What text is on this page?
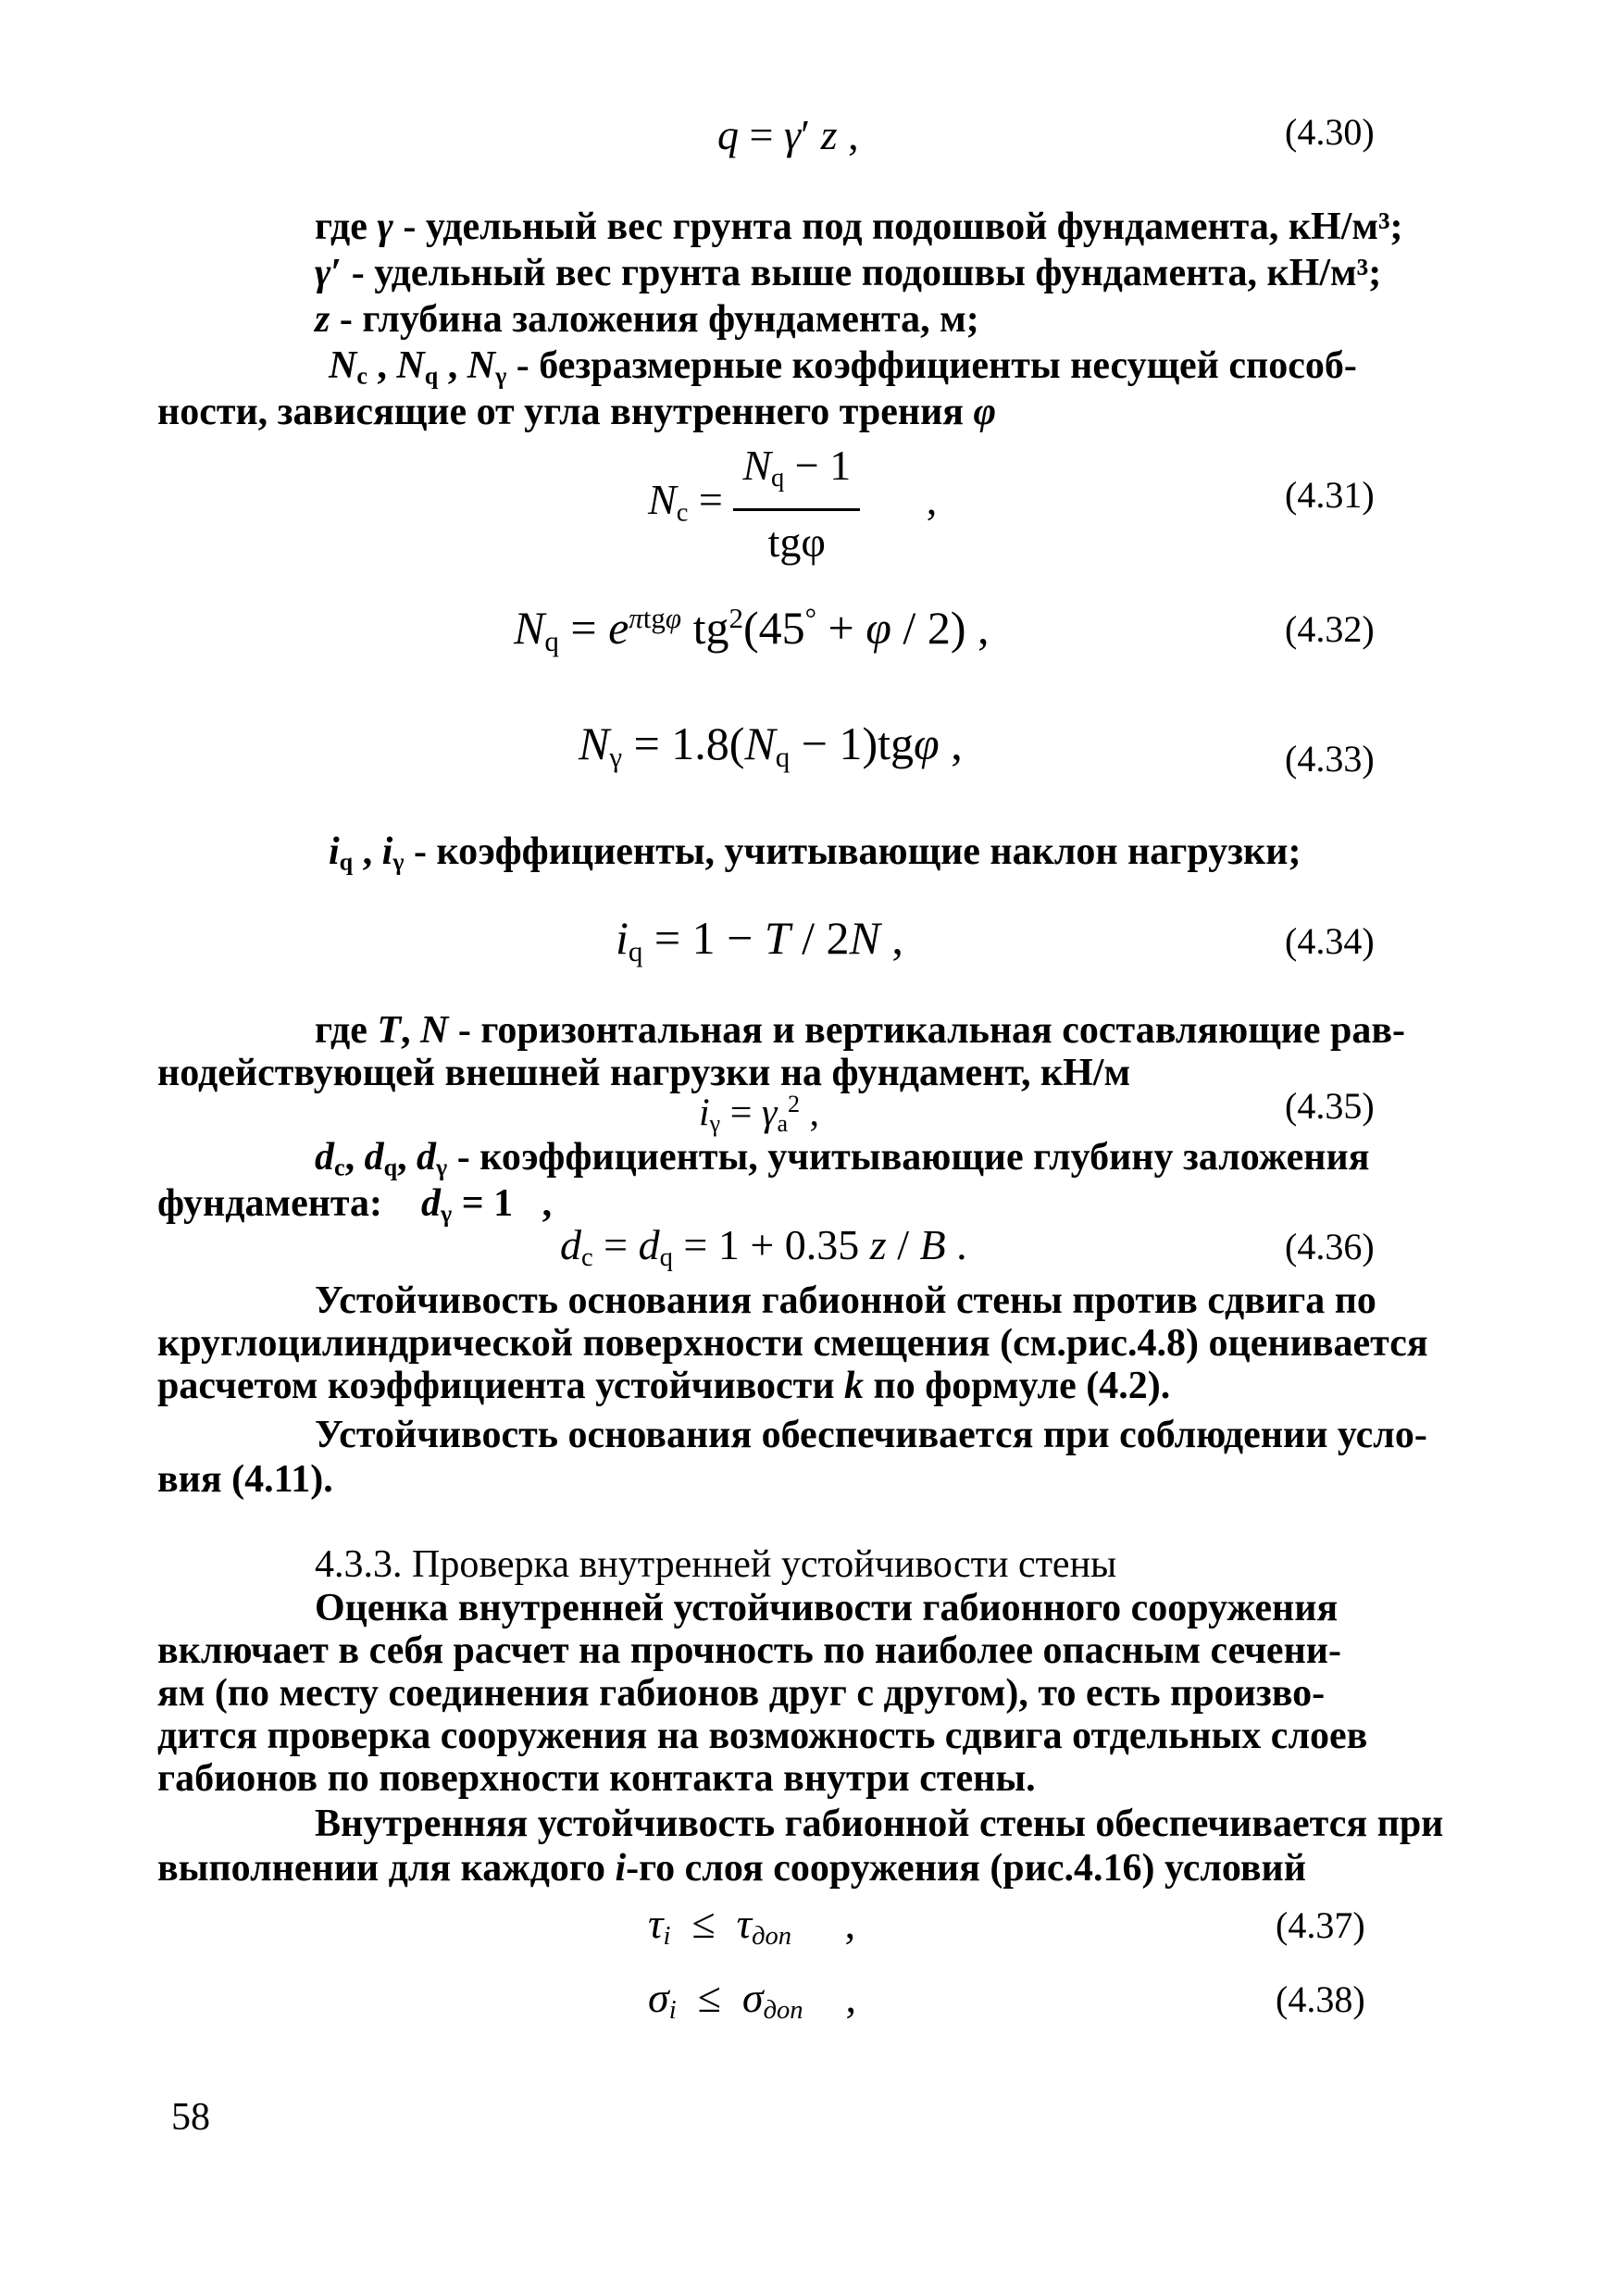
q = γ′ z ,	(4.30)
где γ - удельный вес грунта под подошвой фундамента, кН/м³;
γ′ - удельный вес грунта выше подошвы фундамента, кН/м³;
z - глубина заложения фундамента, м;
$N_c$ , $N_q$ , $N_\gamma$ - безразмерные коэффициенты несущей способ-
ности, зависящие от угла внутреннего трения φ
$N_c = \frac{N_q - 1}{\text{tgφ}}$ ,	(4.31)
$N_q = e^{\pi tg\varphi}$ $tg^2(45^\circ + \varphi / 2)$ ,	(4.32)
$N_\gamma = 1.8(N_q - 1)tg\varphi$ ,	(4.33)
$i_q$ , $i_\gamma$ - коэффициенты, учитывающие наклон нагрузки;
$i_q = 1 - T / 2N$ ,	(4.34)
где T, N - горизонтальная и вертикальная составляющие рав-
нодействующей внешней нагрузки на фундамент, кН/м
$i_\gamma = \gamma_a^2$ ,	(4.35)
$d_c$, $d_q$, $d_\gamma$ - коэффициенты, учитывающие глубину заложения
фундамента:    $d_\gamma = 1$   ,
$d_c = d_q = 1 + 0.35$ z / B .	(4.36)
Устойчивость основания габионной стены против сдвига по
круглоцилиндрической поверхности смещения (см.рис.4.8) оценивается
расчетом коэффициента устойчивости k по формуле (4.2).
Устойчивость основания обеспечивается при соблюдении усло-
вия (4.11).
4.3.3. Проверка внутренней устойчивости стены
Оценка внутренней устойчивости габионного сооружения
включает в себя расчет на прочность по наиболее опасным сечени-
ям (по месту соединения габионов друг с другом), то есть произво-
дится проверка сооружения на возможность сдвига отдельных слоев
габионов по поверхности контакта внутри стены.
Внутренняя устойчивость габионной стены обеспечивается при
выполнении для каждого i-го слоя сооружения (рис.4.16) условий
$\tau_i \le \tau_{доп}$     ,	(4.37)
$\sigma_i \le \sigma_{доп}$    ,	(4.38)
58
